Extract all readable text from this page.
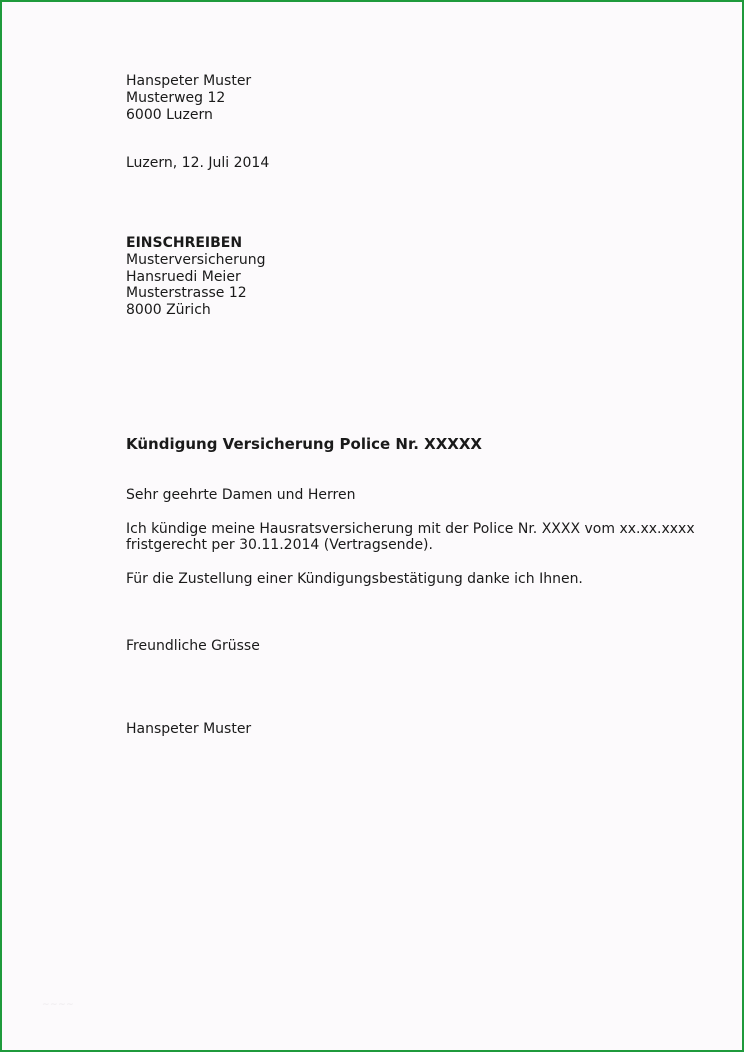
Hanspeter Muster
Musterweg 12
6000 Luzern
Luzern, 12. Juli 2014
EINSCHREIBEN
Musterversicherung
Hansruedi Meier
Musterstrasse 12
8000 Zürich
Kündigung Versicherung Police Nr. XXXXX
Sehr geehrte Damen und Herren
Ich kündige meine Hausratsversicherung mit der Police Nr. XXXX vom xx.xx.xxxx
fristgerecht per 30.11.2014 (Vertragsende).
Für die Zustellung einer Kündigungsbestätigung danke ich Ihnen.
Freundliche Grüsse
Hanspeter Muster
~~~~
